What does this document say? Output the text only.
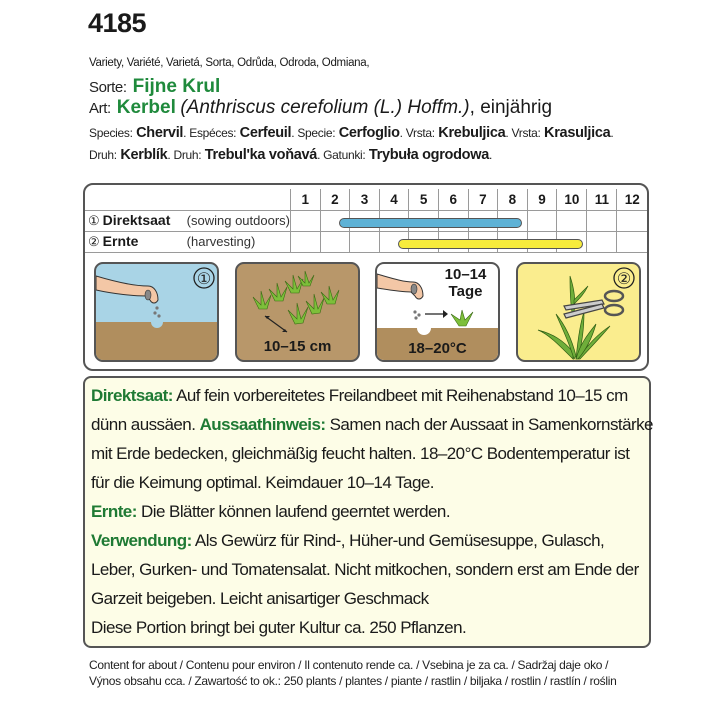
4185
Variety, Variété, Varietá, Sorta, Odrůda, Odroda, Odmiana,
Sorte: Fijne Krul
Art: Kerbel (Anthriscus cerefolium (L.) Hoffm.), einjährig
Species: Chervil. Espéces: Cerfeuil. Specie: Cerfoglio. Vrsta: Krebuljica. Vrsta: Krasuljica.
Druh: Kerblík. Druh: Trebul'ka voňavá. Gatunki: Trybuła ogrodowa.
	1	2	3	4	5	6	7	8	9	10	11	12
① Direktsaat (sowing outdoors)												
② Ernte (harvesting)												
①
10–15 cm
10–14
Tage
18–20°C
②
Direktsaat: Auf fein vorbereitetes Freilandbeet mit Reihenabstand 10–15 cm
dünn aussäen. Aussaathinweis: Samen nach der Aussaat in Samenkornstärke
mit Erde bedecken, gleichmäßig feucht halten. 18–20°C Bodentemperatur ist
für die Keimung optimal. Keimdauer 10–14 Tage.
Ernte: Die Blätter können laufend geerntet werden.
Verwendung: Als Gewürz für Rind-, Hüher-und Gemüsesuppe, Gulasch,
Leber, Gurken- und Tomatensalat. Nicht mitkochen, sondern erst am Ende der
Garzeit beigeben. Leicht anisartiger Geschmack
Diese Portion bringt bei guter Kultur ca. 250 Pflanzen.
Content for about / Contenu pour environ / Il contenuto rende ca. / Vsebina je za ca. / Sadržaj daje oko /
Výnos obsahu cca. / Zawartość to ok.: 250 plants / plantes / piante / rastlin / biljaka / rostlin / rastlín / roślin
